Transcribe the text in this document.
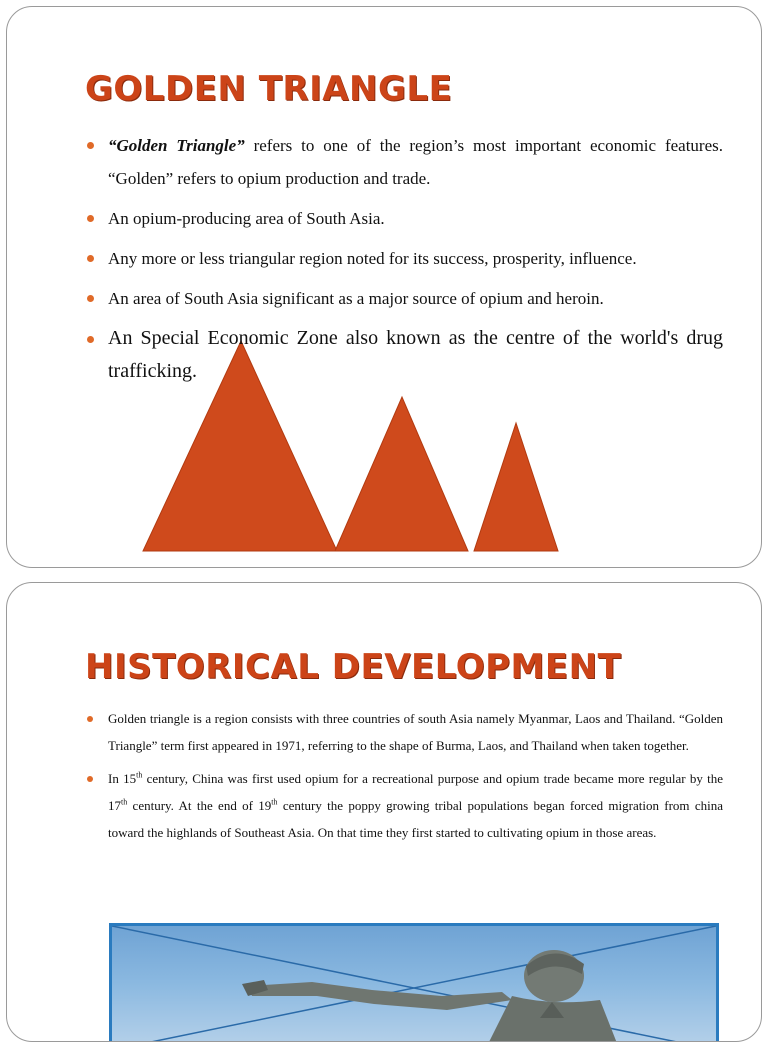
GOLDEN TRIANGLE
“Golden Triangle” refers to one of the region’s most important economic features. “Golden” refers to opium production and trade.
An opium-producing area of South Asia.
Any more or less triangular region noted for its success, prosperity, influence.
An area of South Asia significant as a major source of opium and heroin.
An Special Economic Zone also known as the centre of the world's drug trafficking.
HISTORICAL DEVELOPMENT
Golden triangle is a region consists with three countries of south Asia namely Myanmar, Laos and Thailand. “Golden Triangle” term first appeared in 1971, referring to the shape of Burma, Laos, and Thailand when taken together.
In 15th century, China was first used opium for a recreational purpose and opium trade became more regular by the 17th century. At the end of 19th century the poppy growing tribal populations began forced migration from china toward the highlands of Southeast Asia. On that time they first started to cultivating opium in those areas.
